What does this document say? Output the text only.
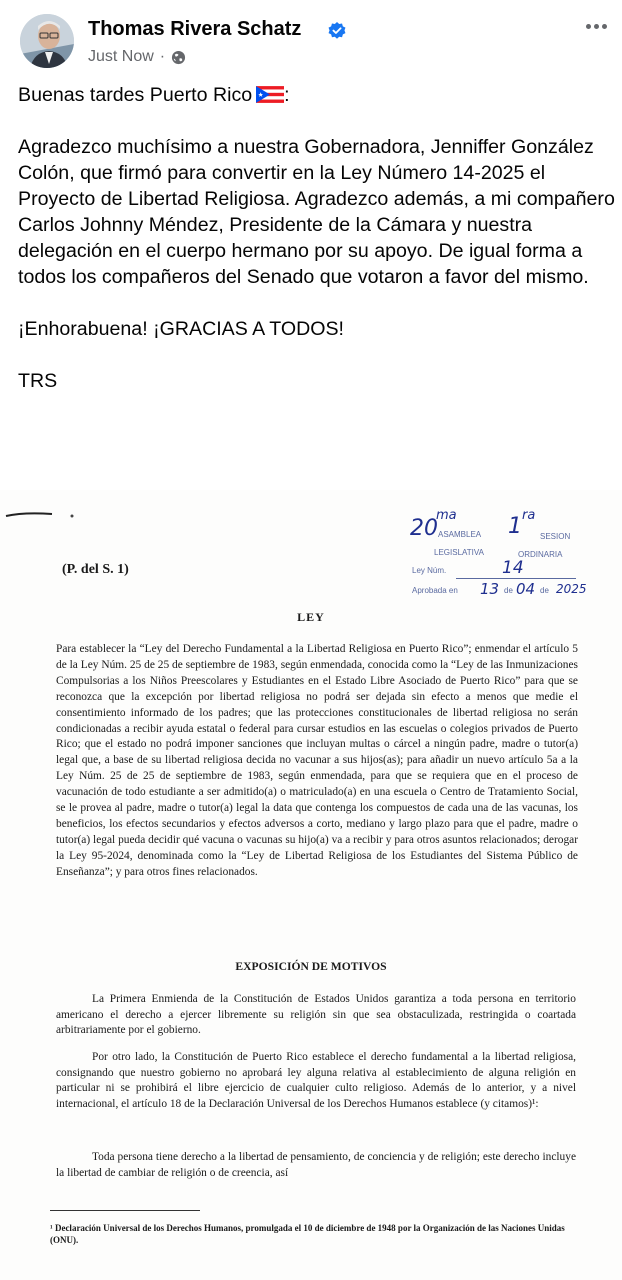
Thomas Rivera Schatz
Just Now ·

Buenas tardes Puerto Rico :

Agradezco muchísimo a nuestra Gobernadora, Jenniffer González Colón, que firmó para convertir en la Ley Número 14-2025 el Proyecto de Libertad Religiosa. Agradezco además, a mi compañero Carlos Johnny Méndez, Presidente de la Cámara y nuestra delegación en el cuerpo hermano por su apoyo. De igual forma a todos los compañeros del Senado que votaron a favor del mismo.

¡Enhorabuena! ¡GRACIAS A TODOS!

TRS

20
ma
ASAMBLEA 1 ra
SESION
LEGISLATIVA	ORDINARIA
Ley Núm.	14
Aprobada en 13 de 04 de 2025
(P. del S. 1)
LEY
Para establecer la “Ley del Derecho Fundamental a la Libertad Religiosa en Puerto Rico”; enmendar el artículo 5 de la Ley Núm. 25 de 25 de septiembre de 1983, según enmendada, conocida como la “Ley de las Inmunizaciones Compulsorias a los Niños Preescolares y Estudiantes en el Estado Libre Asociado de Puerto Rico” para que se reconozca que la excepción por libertad religiosa no podrá ser dejada sin efecto a menos que medie el consentimiento informado de los padres; que las protecciones constitucionales de libertad religiosa no serán condicionadas a recibir ayuda estatal o federal para cursar estudios en las escuelas o colegios privados de Puerto Rico; que el estado no podrá imponer sanciones que incluyan multas o cárcel a ningún padre, madre o tutor(a) legal que, a base de su libertad religiosa decida no vacunar a sus hijos(as); para añadir un nuevo artículo 5a a la Ley Núm. 25 de 25 de septiembre de 1983, según enmendada, para que se requiera que en el proceso de vacunación de todo estudiante a ser admitido(a) o matriculado(a) en una escuela o Centro de Tratamiento Social, se le provea al padre, madre o tutor(a) legal la data que contenga los compuestos de cada una de las vacunas, los beneficios, los efectos secundarios y efectos adversos a corto, mediano y largo plazo para que el padre, madre o tutor(a) legal pueda decidir qué vacuna o vacunas su hijo(a) va a recibir y para otros asuntos relacionados; derogar la Ley 95-2024, denominada como la “Ley de Libertad Religiosa de los Estudiantes del Sistema Público de Enseñanza”; y para otros fines relacionados.
EXPOSICIÓN DE MOTIVOS

La Primera Enmienda de la Constitución de Estados Unidos garantiza a toda persona en territorio americano el derecho a ejercer libremente su religión sin que sea obstaculizada, restringida o coartada arbitrariamente por el gobierno.

Por otro lado, la Constitución de Puerto Rico establece el derecho fundamental a la libertad religiosa, consignando que nuestro gobierno no aprobará ley alguna relativa al establecimiento de alguna religión en particular ni se prohibirá el libre ejercicio de cualquier culto religioso. Además de lo anterior, y a nivel internacional, el artículo 18 de la Declaración Universal de los Derechos Humanos establece (y citamos)¹:

Toda persona tiene derecho a la libertad de pensamiento, de conciencia y de religión; este derecho incluye la libertad de cambiar de religión o de creencia, así

¹ Declaración Universal de los Derechos Humanos, promulgada el 10 de diciembre de 1948 por la Organización de las Naciones Unidas (ONU).
